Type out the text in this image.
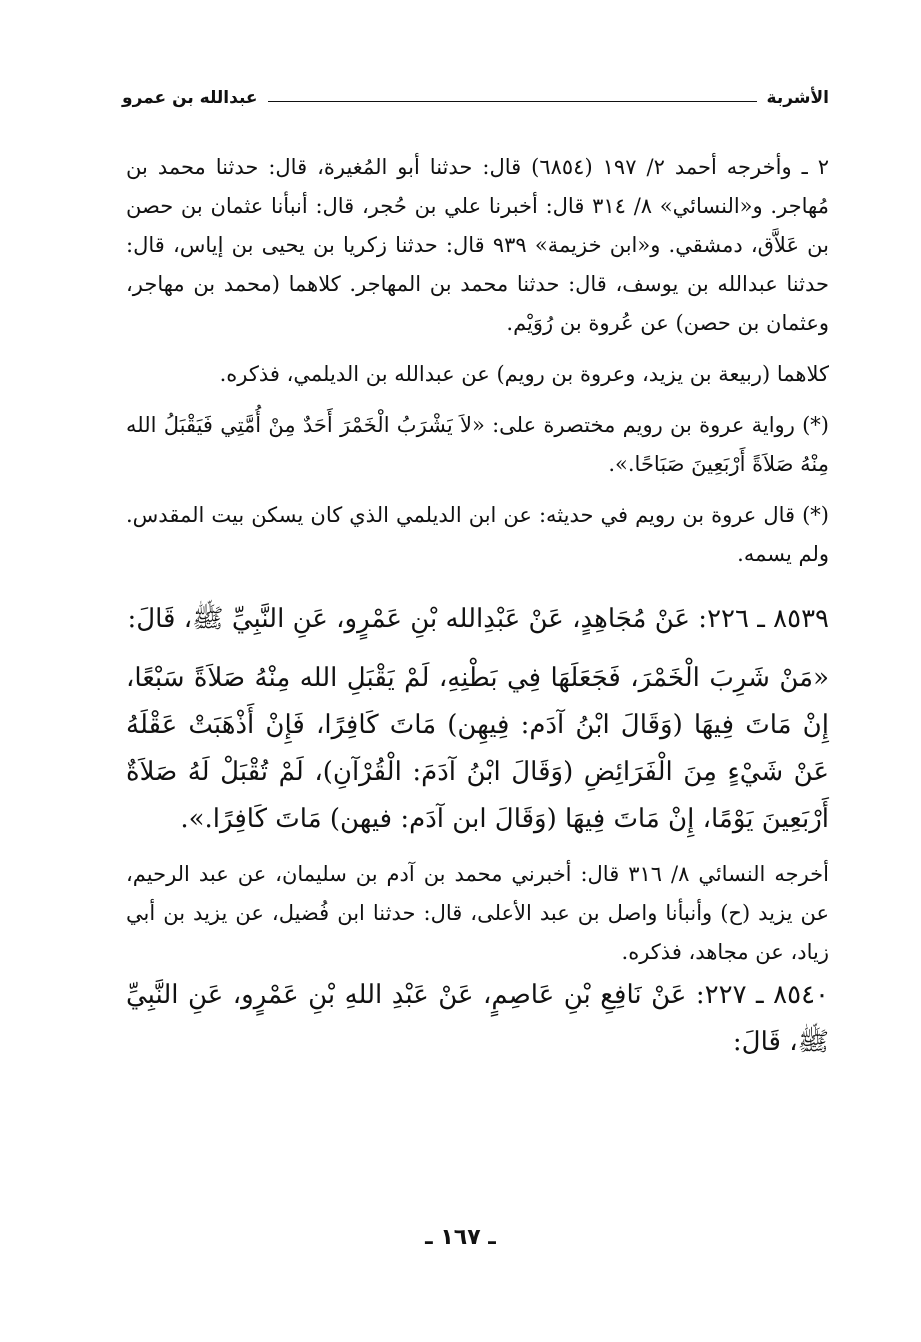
الأشربة
عبدالله بن عمرو

٢ ـ وأخرجه أحمد ٢/ ١٩٧ (٦٨٥٤) قال: حدثنا أبو المُغيرة، قال: حدثنا محمد بن مُهاجر. و«النسائي» ٨/ ٣١٤ قال: أخبرنا علي بن حُجر، قال: أنبأنا عثمان بن حصن بن عَلاَّق، دمشقي. و«ابن خزيمة» ٩٣٩ قال: حدثنا زكريا بن يحيى بن إياس، قال: حدثنا عبدالله بن يوسف، قال: حدثنا محمد بن المهاجر. كلاهما (محمد بن مهاجر، وعثمان بن حصن) عن عُروة بن رُوَيْم.

كلاهما (ربيعة بن يزيد، وعروة بن رويم) عن عبدالله بن الديلمي، فذكره.

(*) رواية عروة بن رويم مختصرة على: «لاَ يَشْرَبُ الْخَمْرَ أَحَدٌ مِنْ أُمَّتِي فَيَقْبَلُ الله مِنْهُ صَلاَةً أَرْبَعِينَ صَبَاحًا.».

(*) قال عروة بن رويم في حديثه: عن ابن الديلمي الذي كان يسكن بيت المقدس. ولم يسمه.

٨٥٣٩ ـ ٢٢٦: عَنْ مُجَاهِدٍ، عَنْ عَبْدِالله بْنِ عَمْرٍو، عَنِ النَّبِيِّ ﷺ، قَالَ:

«مَنْ شَرِبَ الْخَمْرَ، فَجَعَلَهَا فِي بَطْنِهِ، لَمْ يَقْبَلِ الله مِنْهُ صَلاَةً سَبْعًا، إِنْ مَاتَ فِيهَا (وَقَالَ ابْنُ آدَم: فِيهِن) مَاتَ كَافِرًا، فَإِنْ أَذْهَبَتْ عَقْلَهُ عَنْ شَيْءٍ مِنَ الْفَرَائِضِ (وَقَالَ ابْنُ آدَمَ: الْقُرْآنِ)، لَمْ تُقْبَلْ لَهُ صَلاَةٌ أَرْبَعِينَ يَوْمًا، إِنْ مَاتَ فِيهَا (وَقَالَ ابن آدَم: فيهن) مَاتَ كَافِرًا.».

أخرجه النسائي ٨/ ٣١٦ قال: أخبرني محمد بن آدم بن سليمان، عن عبد الرحيم، عن يزيد (ح) وأنبأنا واصل بن عبد الأعلى، قال: حدثنا ابن فُضيل، عن يزيد بن أبي زياد، عن مجاهد، فذكره.

٨٥٤٠ ـ ٢٢٧: عَنْ نَافِعِ بْنِ عَاصِمٍ، عَنْ عَبْدِ اللهِ بْنِ عَمْرٍو، عَنِ النَّبِيِّ ﷺ، قَالَ:

ـ ١٦٧ ـ
